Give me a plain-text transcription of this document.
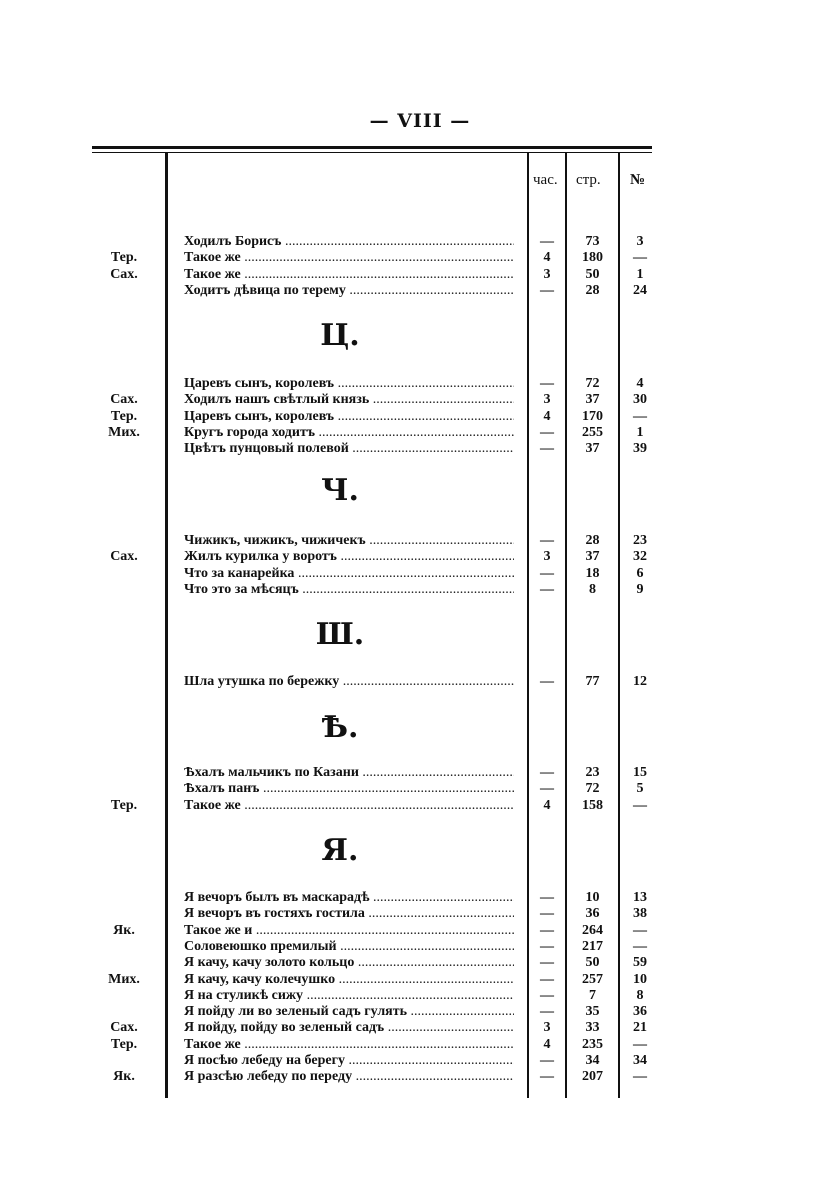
— VIII —
час. стр. №
Ходилъ Борисъ .....	—	73	3
Тер.	Такое же .....	4	180	—
Сах.	Такое же .....	3	50	1
Ходитъ дѣвица по терему .....	—	28	24
Ц.
Царевъ сынъ, королевъ .....	—	72	4
Сах.	Ходилъ нашъ свѣтлый князь .....	3	37	30
Тер.	Царевъ сынъ, королевъ .....	4	170	—
Мих.	Кругъ города ходитъ .....	—	255	1
Цвѣтъ пунцовый полевой .....	—	37	39
Ч.
Чижикъ, чижикъ, чижичекъ .....	—	28	23
Сах.	Жилъ курилка у воротъ .....	3	37	32
Что за канарейка .....	—	18	6
Что это за мѣсяцъ .....	—	8	9
Ш.
Шла утушка по бережку .....	—	77	12
Ѣ.
Ѣхалъ мальчикъ по Казани .....	—	23	15
Ѣхалъ панъ .....	—	72	5
Тер.	Такое же .....	4	158	—
Я.
Я вечоръ былъ въ маскарадѣ .....	—	10	13
Я вечоръ въ гостяхъ гостила .....	—	36	38
Як.	Такое же и .....	—	264	—
Соловеюшко премилый .....	—	217	—
Я качу, качу золото кольцо .....	—	50	59
Мих.	Я качу, качу колечушко .....	—	257	10
Я на стуликѣ сижу .....	—	7	8
Я пойду ли во зеленый садъ гулять .....	—	35	36
Сах.	Я пойду, пойду во зеленый садъ .....	3	33	21
Тер.	Такое же .....	4	235	—
Я посѣю лебеду на берегу .....	—	34	34
Як.	Я разсѣю лебеду по переду .....	—	207	—
